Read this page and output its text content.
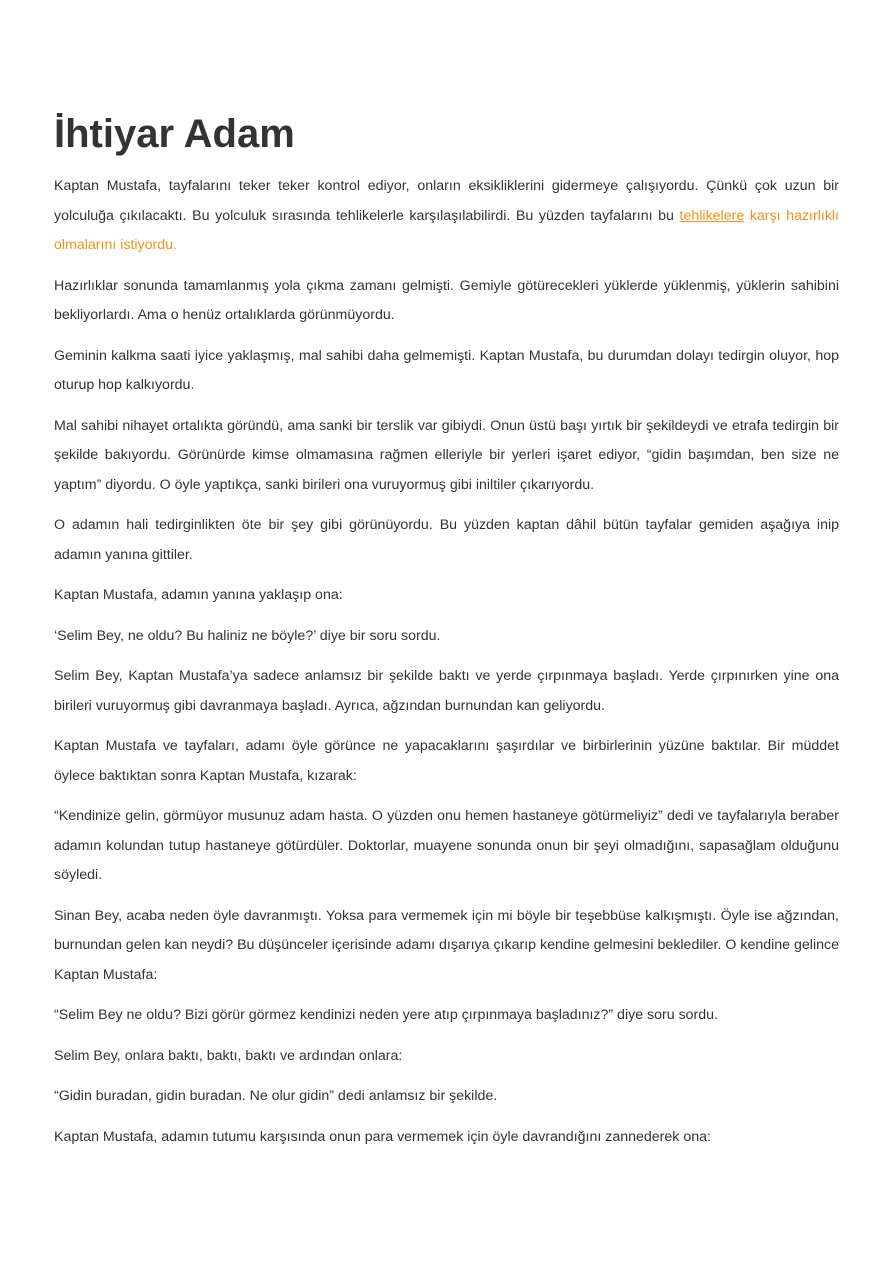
İhtiyar Adam

Kaptan Mustafa, tayfalarını teker teker kontrol ediyor, onların eksikliklerini gidermeye çalışıyordu. Çünkü çok uzun bir yolculuğa çıkılacaktı. Bu yolculuk sırasında tehlikelerle karşılaşılabilirdi. Bu yüzden tayfalarını bu tehlikelere karşı hazırlıklı olmalarını istiyordu.

Hazırlıklar sonunda tamamlanmış yola çıkma zamanı gelmişti. Gemiyle götürecekleri yüklerde yüklenmiş, yüklerin sahibini bekliyorlardı. Ama o henüz ortalıklarda görünmüyordu.

Geminin kalkma saati iyice yaklaşmış, mal sahibi daha gelmemişti. Kaptan Mustafa, bu durumdan dolayı tedirgin oluyor, hop oturup hop kalkıyordu.

Mal sahibi nihayet ortalıkta göründü, ama sanki bir terslik var gibiydi. Onun üstü başı yırtık bir şekildeydi ve etrafa tedirgin bir şekilde bakıyordu. Görünürde kimse olmamasına rağmen elleriyle bir yerleri işaret ediyor, “gidin başımdan, ben size ne yaptım” diyordu. O öyle yaptıkça, sanki birileri ona vuruyormuş gibi iniltiler çıkarıyordu.

O adamın hali tedirginlikten öte bir şey gibi görünüyordu. Bu yüzden kaptan dâhil bütün tayfalar gemiden aşağıya inip adamın yanına gittiler.

Kaptan Mustafa, adamın yanına yaklaşıp ona:

‘Selim Bey, ne oldu? Bu haliniz ne böyle?’ diye bir soru sordu.

Selim Bey, Kaptan Mustafa’ya sadece anlamsız bir şekilde baktı ve yerde çırpınmaya başladı. Yerde çırpınırken yine ona birileri vuruyormuş gibi davranmaya başladı. Ayrıca, ağzından burnundan kan geliyordu.

Kaptan Mustafa ve tayfaları, adamı öyle görünce ne yapacaklarını şaşırdılar ve birbirlerinin yüzüne baktılar. Bir müddet öylece baktıktan sonra Kaptan Mustafa, kızarak:

“Kendinize gelin, görmüyor musunuz adam hasta. O yüzden onu hemen hastaneye götürmeliyiz” dedi ve tayfalarıyla beraber adamın kolundan tutup hastaneye götürdüler. Doktorlar, muayene sonunda onun bir şeyi olmadığını, sapasağlam olduğunu söyledi.

Sinan Bey, acaba neden öyle davranmıştı. Yoksa para vermemek için mi böyle bir teşebbüse kalkışmıştı. Öyle ise ağzından, burnundan gelen kan neydi? Bu düşünceler içerisinde adamı dışarıya çıkarıp kendine gelmesini beklediler. O kendine gelince Kaptan Mustafa:

“Selim Bey ne oldu? Bizi görür görmez kendinizi neden yere atıp çırpınmaya başladınız?” diye soru sordu.

Selim Bey, onlara baktı, baktı, baktı ve ardından onlara:

“Gidin buradan, gidin buradan. Ne olur gidin” dedi anlamsız bir şekilde.

Kaptan Mustafa, adamın tutumu karşısında onun para vermemek için öyle davrandığını zannederek ona:
